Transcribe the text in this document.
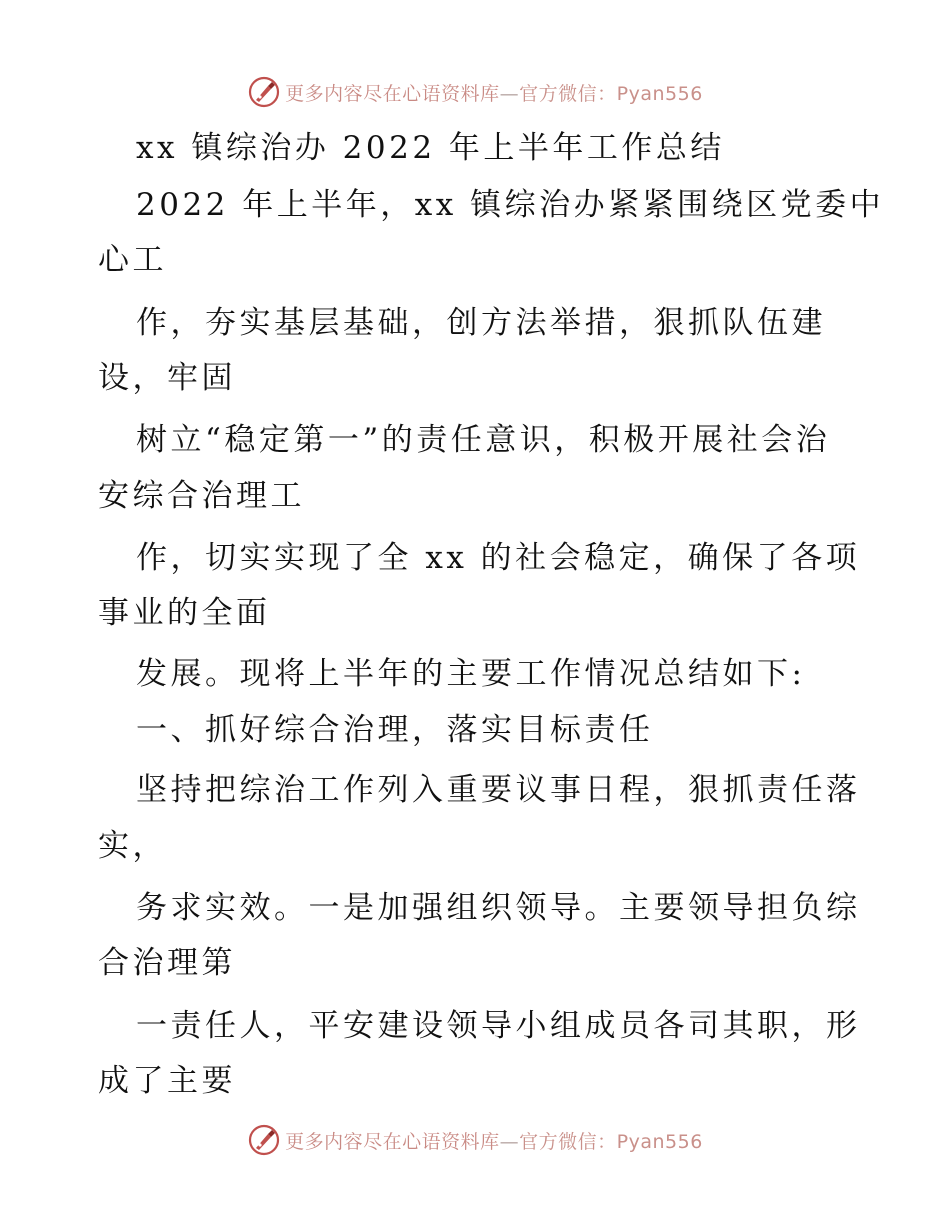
更多内容尽在心语资料库—官方微信：Pyan556
xx 镇综治办 2022 年上半年工作总结
2022 年上半年，xx 镇综治办紧紧围绕区党委中
心工
作，夯实基层基础，创方法举措，狠抓队伍建
设，牢固
树立“稳定第一”的责任意识，积极开展社会治
安综合治理工
作，切实实现了全 xx 的社会稳定，确保了各项
事业的全面
发展。现将上半年的主要工作情况总结如下:
一、抓好综合治理，落实目标责任
坚持把综治工作列入重要议事日程，狠抓责任落
实，
务求实效。一是加强组织领导。主要领导担负综
合治理第
一责任人，平安建设领导小组成员各司其职，形
成了主要
更多内容尽在心语资料库—官方微信：Pyan556
